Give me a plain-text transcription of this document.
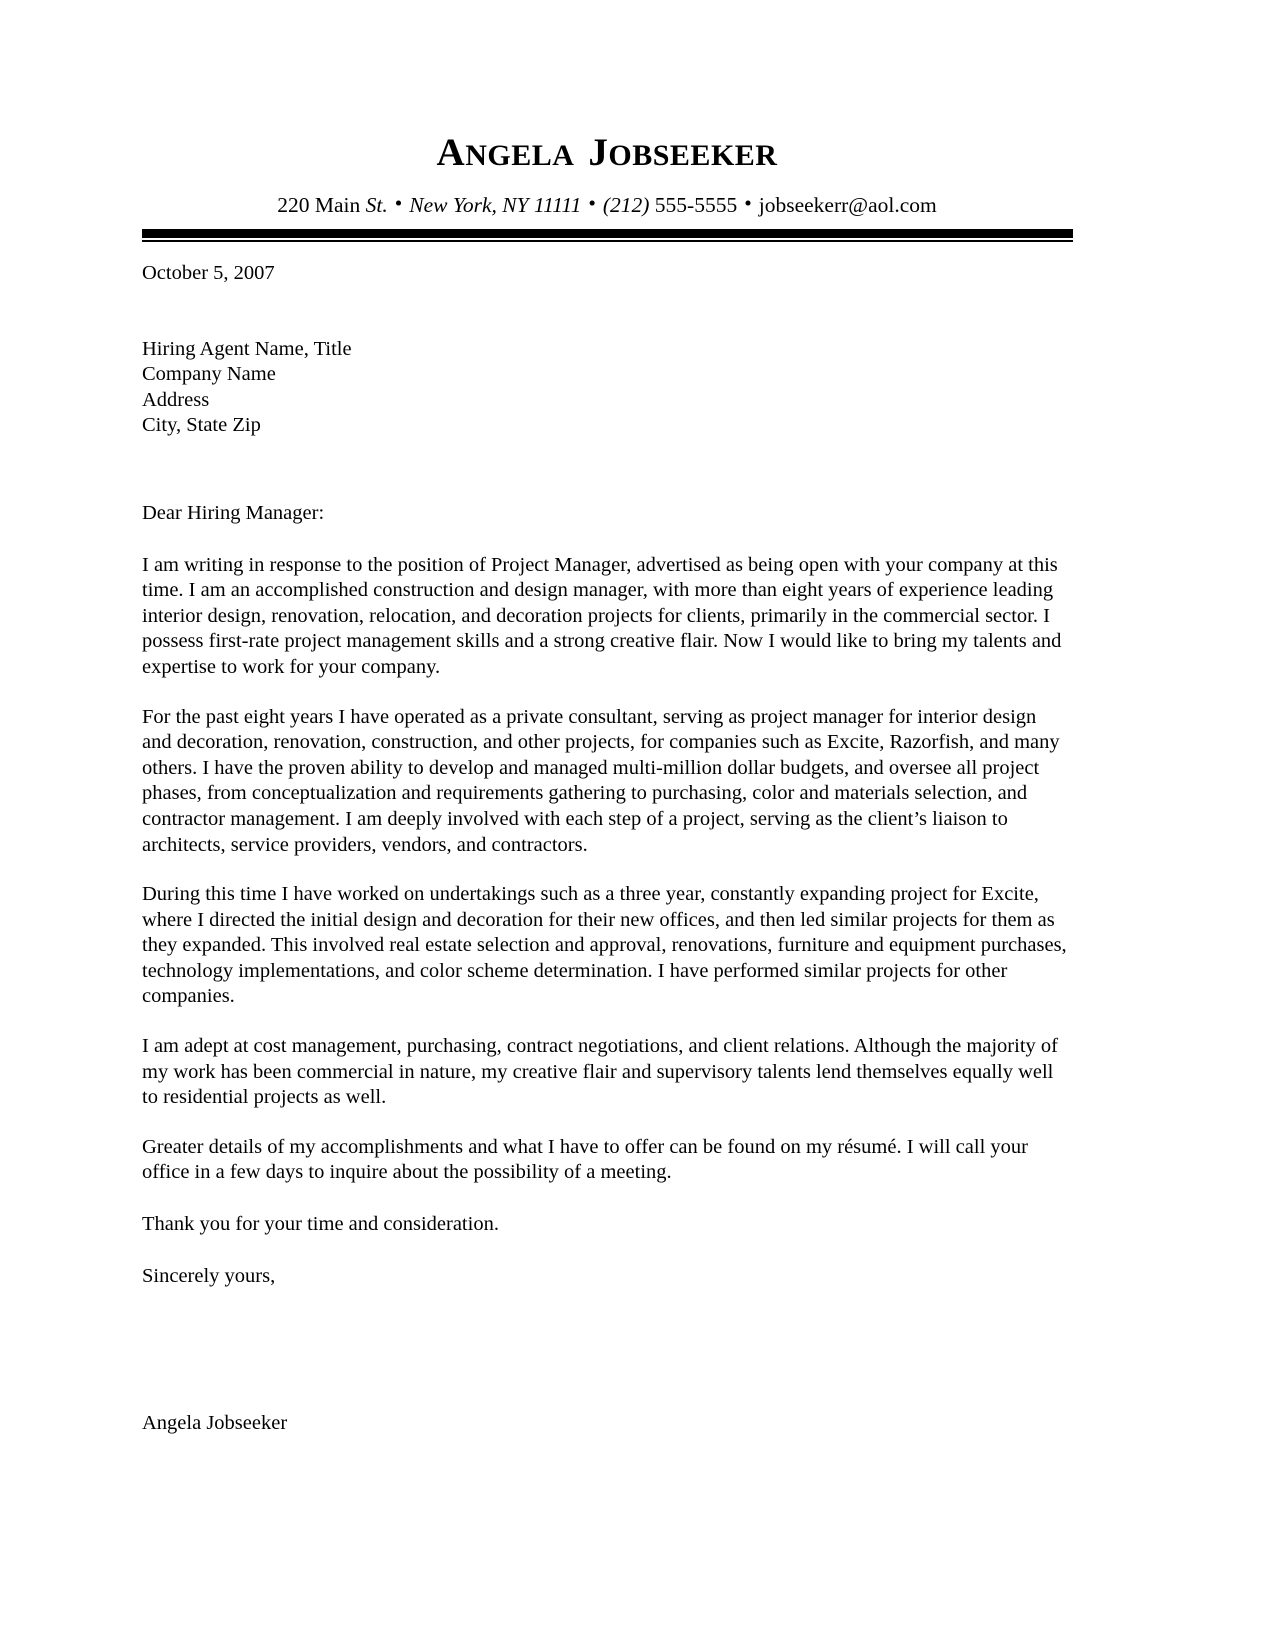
ANGELA JOBSEEKER
220 Main St. • New York, NY 11111 • (212) 555-5555 • jobseekerr@aol.com
October 5, 2007
Hiring Agent Name, Title
Company Name
Address
City, State Zip
Dear Hiring Manager:

I am writing in response to the position of Project Manager, advertised as being open with your company at this time. I am an accomplished construction and design manager, with more than eight years of experience leading interior design, renovation, relocation, and decoration projects for clients, primarily in the commercial sector. I possess first-rate project management skills and a strong creative flair. Now I would like to bring my talents and expertise to work for your company.

For the past eight years I have operated as a private consultant, serving as project manager for interior design and decoration, renovation, construction, and other projects, for companies such as Excite, Razorfish, and many others. I have the proven ability to develop and managed multi-million dollar budgets, and oversee all project phases, from conceptualization and requirements gathering to purchasing, color and materials selection, and contractor management. I am deeply involved with each step of a project, serving as the client’s liaison to architects, service providers, vendors, and contractors.

During this time I have worked on undertakings such as a three year, constantly expanding project for Excite, where I directed the initial design and decoration for their new offices, and then led similar projects for them as they expanded. This involved real estate selection and approval, renovations, furniture and equipment purchases, technology implementations, and color scheme determination. I have performed similar projects for other companies.

I am adept at cost management, purchasing, contract negotiations, and client relations. Although the majority of my work has been commercial in nature, my creative flair and supervisory talents lend themselves equally well to residential projects as well.

Greater details of my accomplishments and what I have to offer can be found on my résumé. I will call your office in a few days to inquire about the possibility of a meeting.

Thank you for your time and consideration.
Sincerely yours,
Angela Jobseeker
